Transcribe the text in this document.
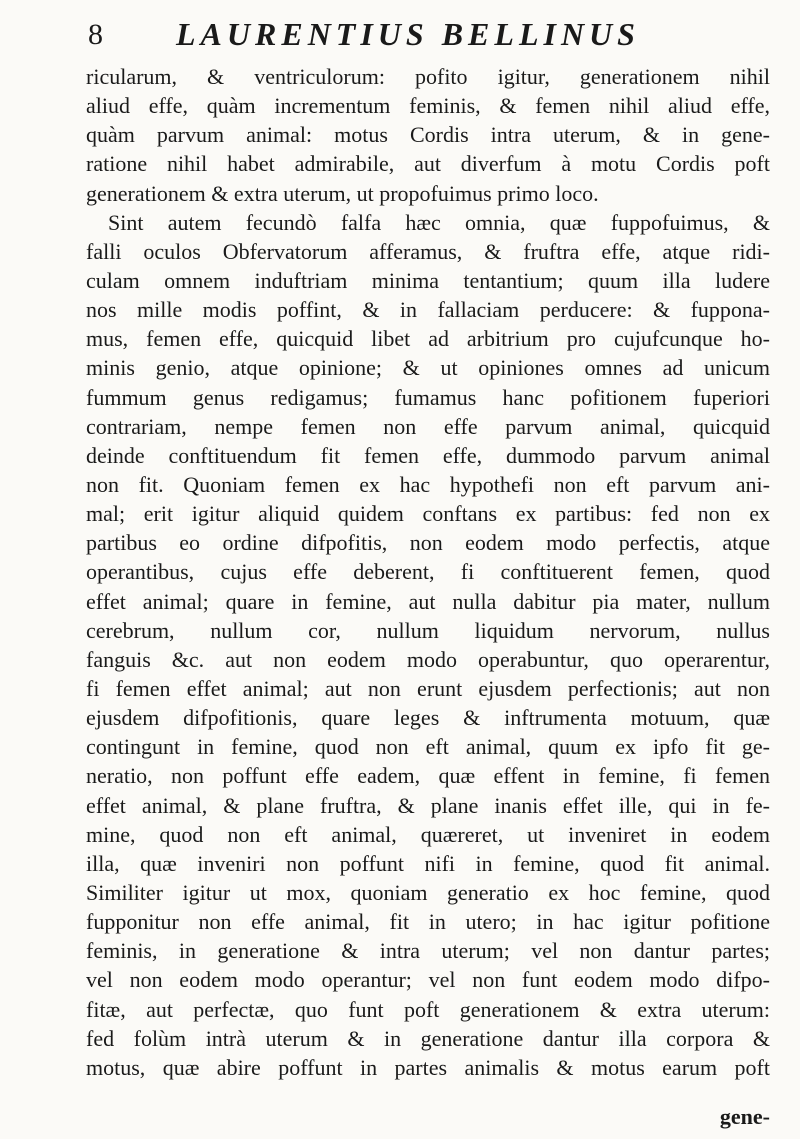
8 LAURENTIUS BELLINUS
ricularum, & ventriculorum: pofito igitur, generationem nihil
aliud effe, quàm incrementum feminis, & femen nihil aliud effe,
quàm parvum animal: motus Cordis intra uterum, & in gene-
ratione nihil habet admirabile, aut diverfum à motu Cordis poft
generationem & extra uterum, ut propofuimus primo loco.
Sint autem fecundò falfa hæc omnia, quæ fuppofuimus, &
falli oculos Obfervatorum afferamus, & fruftra effe, atque ridi-
culam omnem induftriam minima tentantium; quum illa ludere
nos mille modis poffint, & in fallaciam perducere: & fuppona-
mus, femen effe, quicquid libet ad arbitrium pro cujufcunque ho-
minis genio, atque opinione; & ut opiniones omnes ad unicum
fummum genus redigamus; fumamus hanc pofitionem fuperiori
contrariam, nempe femen non effe parvum animal, quicquid
deinde conftituendum fit femen effe, dummodo parvum animal
non fit. Quoniam femen ex hac hypothefi non eft parvum ani-
mal; erit igitur aliquid quidem conftans ex partibus: fed non ex
partibus eo ordine difpofitis, non eodem modo perfectis, atque
operantibus, cujus effe deberent, fi conftituerent femen, quod
effet animal; quare in femine, aut nulla dabitur pia mater, nullum
cerebrum, nullum cor, nullum liquidum nervorum, nullus
fanguis &c. aut non eodem modo operabuntur, quo operarentur,
fi femen effet animal; aut non erunt ejusdem perfectionis; aut non
ejusdem difpofitionis, quare leges & inftrumenta motuum, quæ
contingunt in femine, quod non eft animal, quum ex ipfo fit ge-
neratio, non poffunt effe eadem, quæ effent in femine, fi femen
effet animal, & plane fruftra, & plane inanis effet ille, qui in fe-
mine, quod non eft animal, quæreret, ut inveniret in eodem
illa, quæ inveniri non poffunt nifi in femine, quod fit animal.
Similiter igitur ut mox, quoniam generatio ex hoc femine, quod
fupponitur non effe animal, fit in utero; in hac igitur pofitione
feminis, in generatione & intra uterum; vel non dantur partes;
vel non eodem modo operantur; vel non funt eodem modo difpo-
fitæ, aut perfectæ, quo funt poft generationem & extra uterum:
fed folùm intrà uterum & in generatione dantur illa corpora &
motus, quæ abire poffunt in partes animalis & motus earum poft
gene-
